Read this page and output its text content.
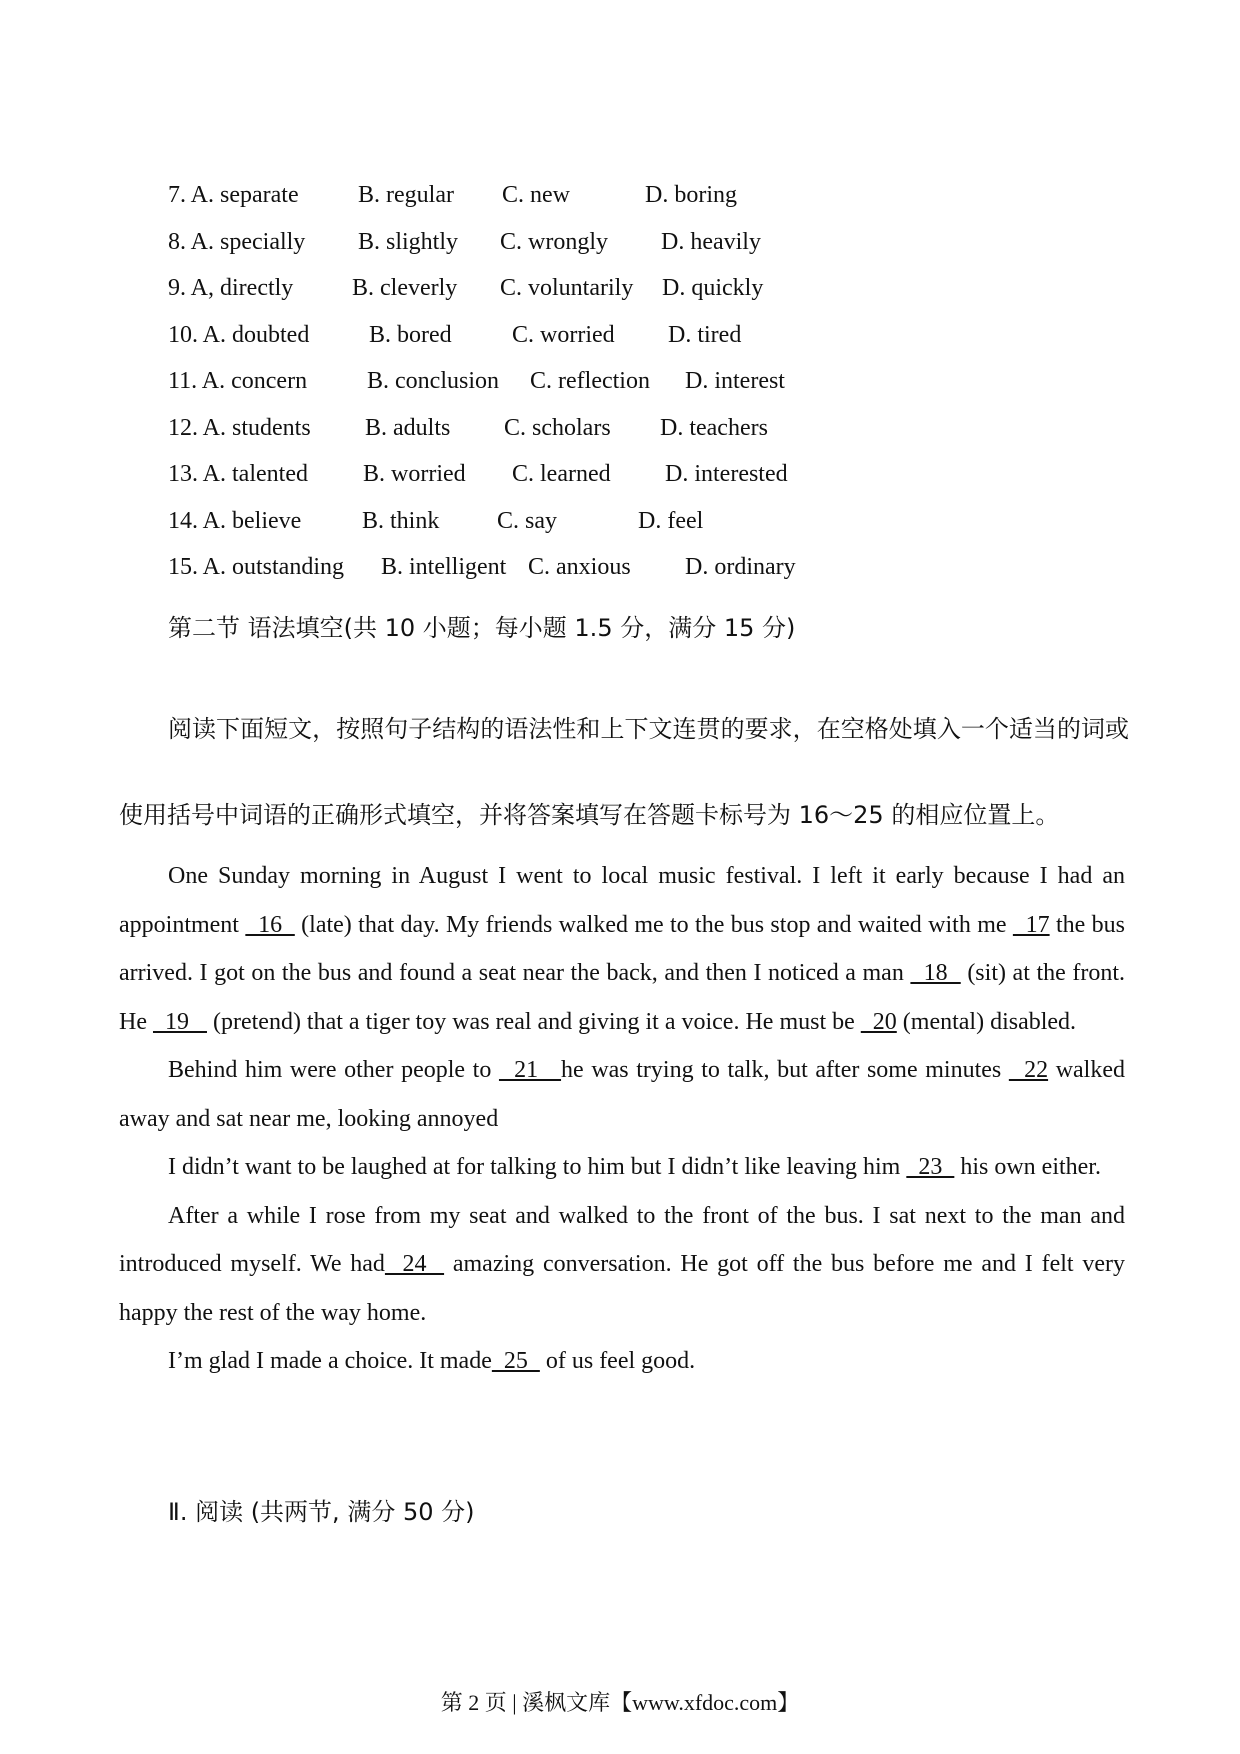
7. A. separate B. regular C. new	D. boring
8. A. specially B. slightly C. wrongly D. heavily
9. A, directly B. cleverly C. voluntarily D. quickly
10. A. doubted B. bored	C. worried D. tired
11. A. concern B. conclusion C. reflection D. interest
12. A. students B. adults C. scholars D. teachers
13. A. talented B. worried C. learned D. interested
14. A. believe	B. think C. say	D. feel
15. A. outstanding B. intelligent C. anxious D. ordinary
第二节 语法填空(共 10 小题；每小题 1.5 分，满分 15 分)
阅读下面短文，按照句子结构的语法性和上下文连贯的要求，在空格处填入一个适当的词或使用括号中词语的正确形式填空，并将答案填写在答题卡标号为 16～25 的相应位置上。

One Sunday morning in August I went to local music festival. I left it early because I had an appointment   16   (late) that day. My friends walked me to the bus stop and waited with me   17 the bus arrived. I got on the bus and found a seat near the back, and then I noticed a man   18   (sit) at the front. He   19    (pretend) that a tiger toy was real and giving it a voice. He must be   20 (mental) disabled.

Behind him were other people to   21   he was trying to talk, but after some minutes   22 walked away and sat near me, looking annoyed

I didn’t want to be laughed at for talking to him but I didn’t like leaving him   23   his own either.

After a while I rose from my seat and walked to the front of the bus. I sat next to the man and introduced myself. We had  24   amazing conversation. He got off the bus before me and I felt very happy the rest of the way home.

I’m glad I made a choice. It made  25   of us feel good.

Ⅱ. 阅读 (共两节, 满分 50 分)
第 2 页 | 溪枫文库【www.xfdoc.com】
